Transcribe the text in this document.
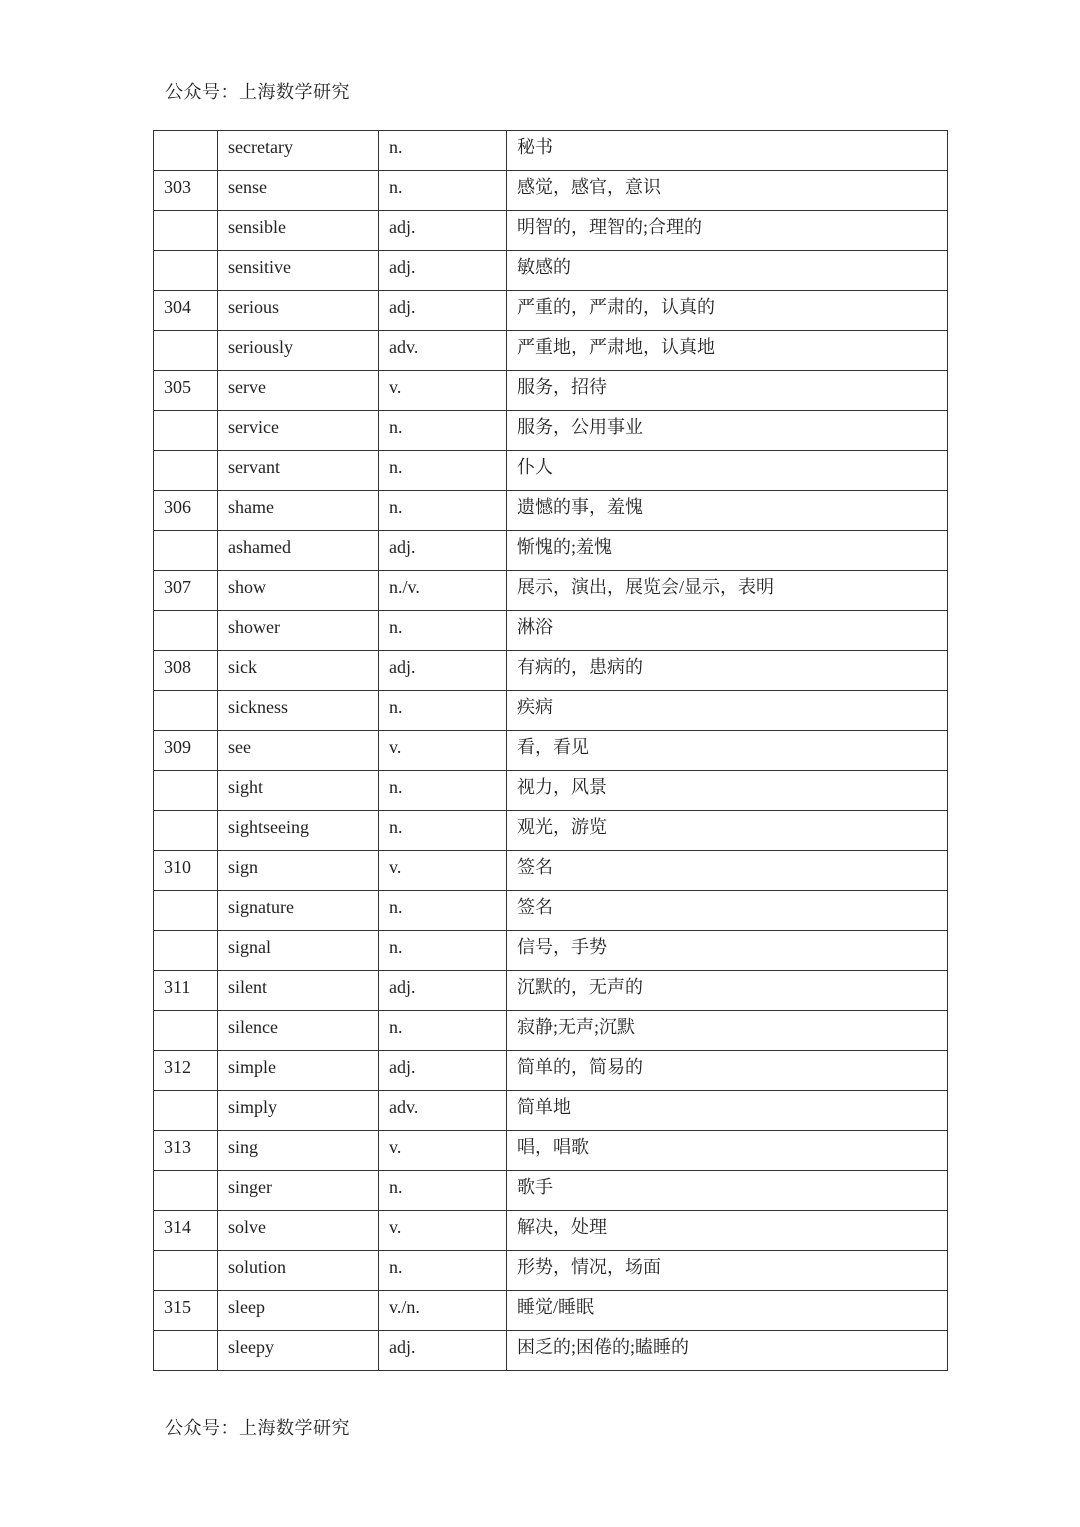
公众号：上海数学研究
	secretary	n.	秘书
303	sense	n.	感觉，感官，意识
	sensible	adj.	明智的，理智的;合理的
	sensitive	adj.	敏感的
304	serious	adj.	严重的，严肃的，认真的
	seriously	adv.	严重地，严肃地，认真地
305	serve	v.	服务，招待
	service	n.	服务，公用事业
	servant	n.	仆人
306	shame	n.	遗憾的事，羞愧
	ashamed	adj.	惭愧的;羞愧
307	show	n./v.	展示，演出，展览会/显示，表明
	shower	n.	淋浴
308	sick	adj.	有病的，患病的
	sickness	n.	疾病
309	see	v.	看，看见
	sight	n.	视力，风景
	sightseeing	n.	观光，游览
310	sign	v.	签名
	signature	n.	签名
	signal	n.	信号，手势
311	silent	adj.	沉默的，无声的
	silence	n.	寂静;无声;沉默
312	simple	adj.	简单的，简易的
	simply	adv.	简单地
313	sing	v.	唱，唱歌
	singer	n.	歌手
314	solve	v.	解决，处理
	solution	n.	形势，情况，场面
315	sleep	v./n.	睡觉/睡眠
	sleepy	adj.	困乏的;困倦的;瞌睡的
公众号：上海数学研究
